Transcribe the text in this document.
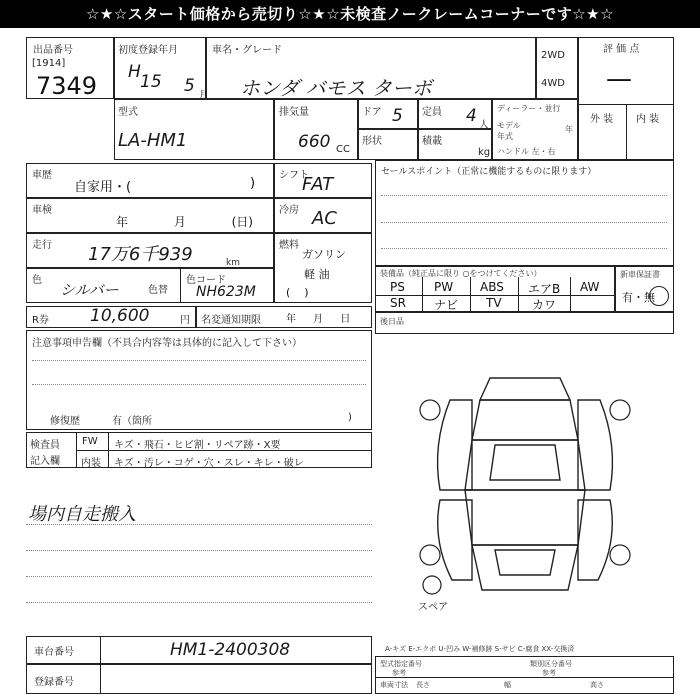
☆★☆スタート価格から売切り☆★☆未検査ノークレームコーナーです☆★☆
出品番号
[1914]
7349
初度登録年月
H 15 5 月
車名・グレード
ホンダ バモス ターボ
2WD
4WD
評 価 点
—
外 装 内 装
型式
LA-HM1
排気量
660 CC
ドア 5 定員 4 人
形状	積載
kg
ディーラー・並行
モデル
年式
年
ハンドル 左・右
車歴
自家用・(	)
車検
年 月 (日)
走行 17万6千939	km
色
シルバー	色替
色コード
NH623M
シフト
FAT
冷房 AC
燃料
ガソリン
軽 油
(    )
セールスポイント（正常に機能するものに限ります）
装備品（純正品に限り ○をつけてください）
PS PW ABS エアB AW
SR ナビ TV	カワ
新車保証書
有・無
後日品
R券 10,600	円 名変通知期限	年 月 日
注意事項申告欄（不具合内容等は具体的に記入して下さい）
修復歴	有（箇所	)
検査員
記入欄
FW キズ・飛石・ヒビ割・リペア跡・X要
内装 キズ・汚レ・コゲ・穴・スレ・キレ・破レ
場内自走搬入
スペア
A-キズ E-エクボ U-凹み W-補修跡 S-サビ C-腐食 XX-交換済
車台番号	HM1-2400308
登録番号
型式指定番号	類別区分番号
参考	参考
車両寸法 長さ	幅	高さ
